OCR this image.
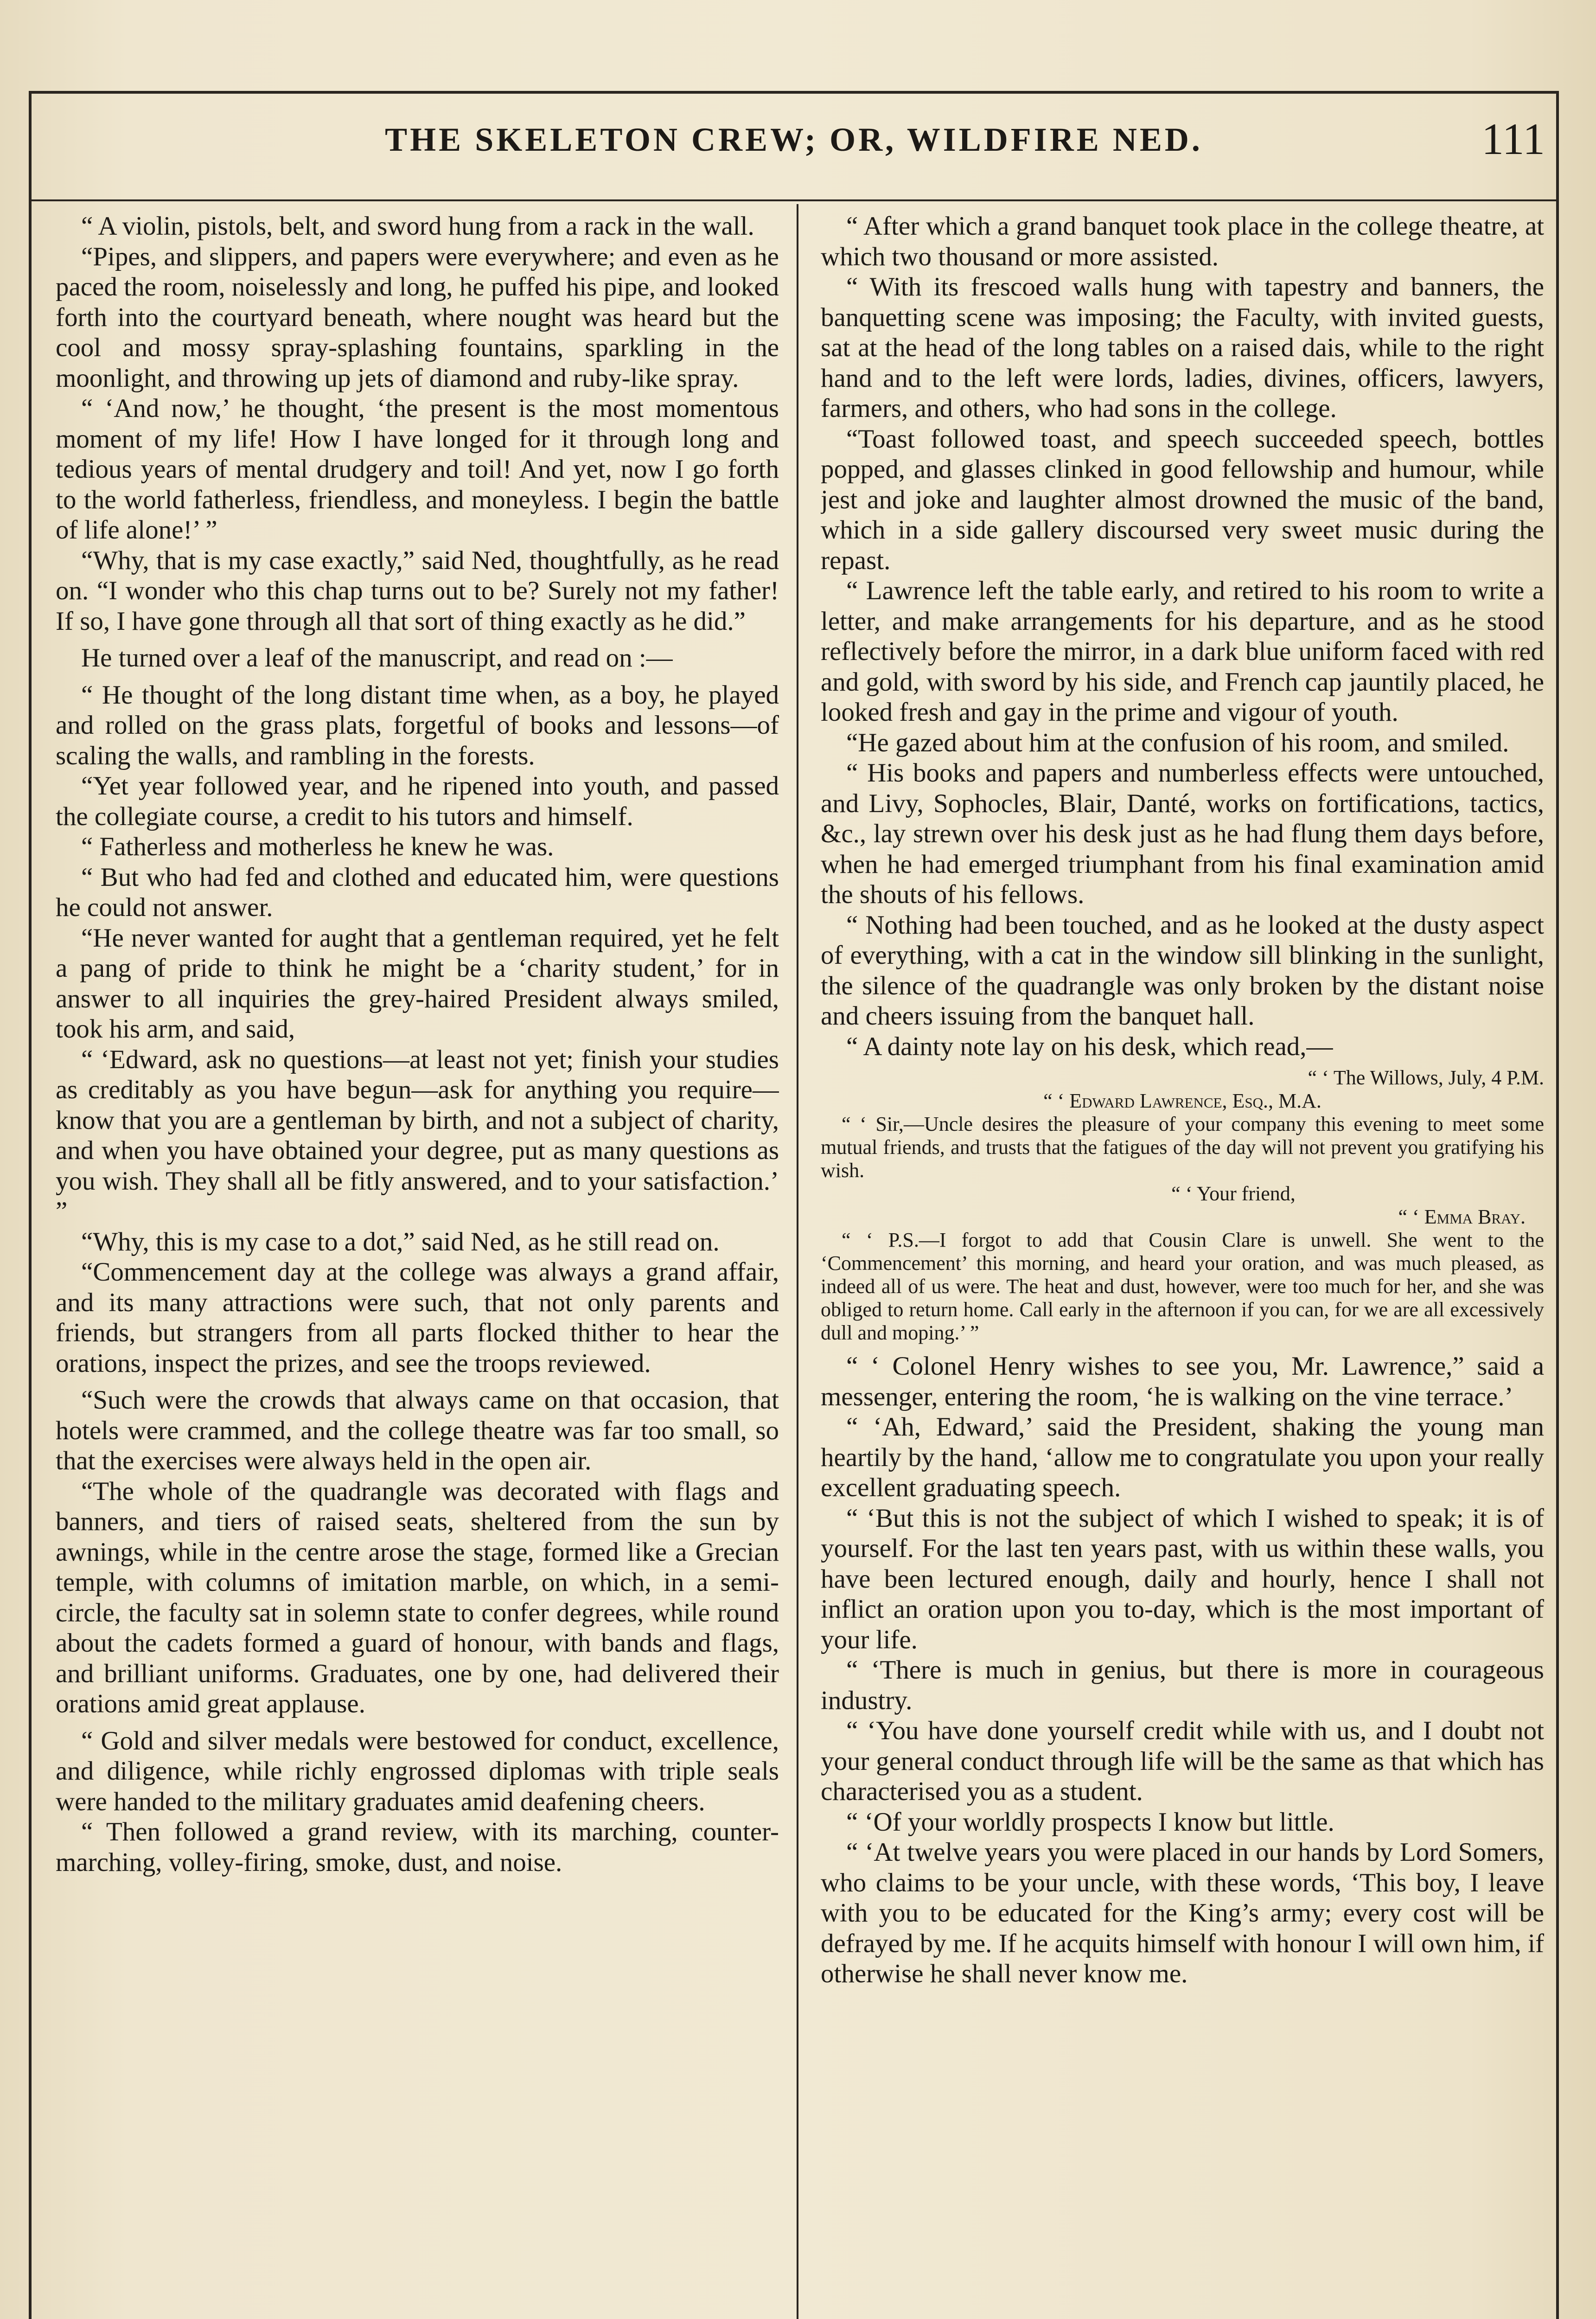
THE SKELETON CREW; OR, WILDFIRE NED.	111

“ A violin, pistols, belt, and sword hung from a rack in the wall.

“Pipes, and slippers, and papers were everywhere; and even as he paced the room, noiselessly and long, he puffed his pipe, and looked forth into the courtyard beneath, where nought was heard but the cool and mossy spray-splashing fountains, sparkling in the moonlight, and throwing up jets of diamond and ruby-like spray.

“ ‘And now,’ he thought, ‘the present is the most momentous moment of my life! How I have longed for it through long and tedious years of mental drudgery and toil! And yet, now I go forth to the world fatherless, friendless, and moneyless. I begin the battle of life alone!’ ”

“Why, that is my case exactly,” said Ned, thoughtfully, as he read on. “I wonder who this chap turns out to be? Surely not my father! If so, I have gone through all that sort of thing exactly as he did.”

He turned over a leaf of the manuscript, and read on :—

“ He thought of the long distant time when, as a boy, he played and rolled on the grass plats, forgetful of books and lessons—of scaling the walls, and rambling in the forests.

“Yet year followed year, and he ripened into youth, and passed the collegiate course, a credit to his tutors and himself.

“ Fatherless and motherless he knew he was.

“ But who had fed and clothed and educated him, were questions he could not answer.

“He never wanted for aught that a gentleman required, yet he felt a pang of pride to think he might be a ‘charity student,’ for in answer to all inquiries the grey-haired President always smiled, took his arm, and said,

“ ‘Edward, ask no questions—at least not yet; finish your studies as creditably as you have begun—ask for anything you require—know that you are a gentleman by birth, and not a subject of charity, and when you have obtained your degree, put as many questions as you wish. They shall all be fitly answered, and to your satisfaction.’ ”

“Why, this is my case to a dot,” said Ned, as he still read on.

“Commencement day at the college was always a grand affair, and its many attractions were such, that not only parents and friends, but strangers from all parts flocked thither to hear the orations, inspect the prizes, and see the troops reviewed.

“Such were the crowds that always came on that occasion, that hotels were crammed, and the college theatre was far too small, so that the exercises were always held in the open air.

“The whole of the quadrangle was decorated with flags and banners, and tiers of raised seats, sheltered from the sun by awnings, while in the centre arose the stage, formed like a Grecian temple, with columns of imitation marble, on which, in a semi-circle, the faculty sat in solemn state to confer degrees, while round about the cadets formed a guard of honour, with bands and flags, and brilliant uniforms. Graduates, one by one, had delivered their orations amid great applause.

“ Gold and silver medals were bestowed for conduct, excellence, and diligence, while richly engrossed diplomas with triple seals were handed to the military graduates amid deafening cheers.

“ Then followed a grand review, with its marching, counter-marching, volley-firing, smoke, dust, and noise.

“ After which a grand banquet took place in the college theatre, at which two thousand or more assisted.

“ With its frescoed walls hung with tapestry and banners, the banquetting scene was imposing; the Faculty, with invited guests, sat at the head of the long tables on a raised dais, while to the right hand and to the left were lords, ladies, divines, officers, lawyers, farmers, and others, who had sons in the college.

“Toast followed toast, and speech succeeded speech, bottles popped, and glasses clinked in good fellowship and humour, while jest and joke and laughter almost drowned the music of the band, which in a side gallery discoursed very sweet music during the repast.

“ Lawrence left the table early, and retired to his room to write a letter, and make arrangements for his departure, and as he stood reflectively before the mirror, in a dark blue uniform faced with red and gold, with sword by his side, and French cap jauntily placed, he looked fresh and gay in the prime and vigour of youth.

“He gazed about him at the confusion of his room, and smiled.

“ His books and papers and numberless effects were untouched, and Livy, Sophocles, Blair, Danté, works on fortifications, tactics, &c., lay strewn over his desk just as he had flung them days before, when he had emerged triumphant from his final examination amid the shouts of his fellows.

“ Nothing had been touched, and as he looked at the dusty aspect of everything, with a cat in the window sill blinking in the sunlight, the silence of the quadrangle was only broken by the distant noise and cheers issuing from the banquet hall.

“ A dainty note lay on his desk, which read,—

“ ‘ The Willows, July, 4 P.M.

“ ‘ Edward Lawrence, Esq., M.A.

“ ‘ Sir,—Uncle desires the pleasure of your company this evening to meet some mutual friends, and trusts that the fatigues of the day will not prevent you gratifying his wish.

“ ‘ Your friend,

“ ‘ Emma Bray.

“ ‘ P.S.—I forgot to add that Cousin Clare is unwell. She went to the ‘Commencement’ this morning, and heard your oration, and was much pleased, as indeed all of us were. The heat and dust, however, were too much for her, and she was obliged to return home. Call early in the afternoon if you can, for we are all excessively dull and moping.’ ”

“ ‘ Colonel Henry wishes to see you, Mr. Lawrence,” said a messenger, entering the room, ‘he is walking on the vine terrace.’

“ ‘Ah, Edward,’ said the President, shaking the young man heartily by the hand, ‘allow me to congratulate you upon your really excellent graduating speech.

“ ‘But this is not the subject of which I wished to speak; it is of yourself. For the last ten years past, with us within these walls, you have been lectured enough, daily and hourly, hence I shall not inflict an oration upon you to-day, which is the most important of your life.

“ ‘There is much in genius, but there is more in courageous industry.

“ ‘You have done yourself credit while with us, and I doubt not your general conduct through life will be the same as that which has characterised you as a student.

“ ‘Of your worldly prospects I know but little.

“ ‘At twelve years you were placed in our hands by Lord Somers, who claims to be your uncle, with these words, ‘This boy, I leave with you to be educated for the King’s army; every cost will be defrayed by me. If he acquits himself with honour I will own him, if otherwise he shall never know me.
